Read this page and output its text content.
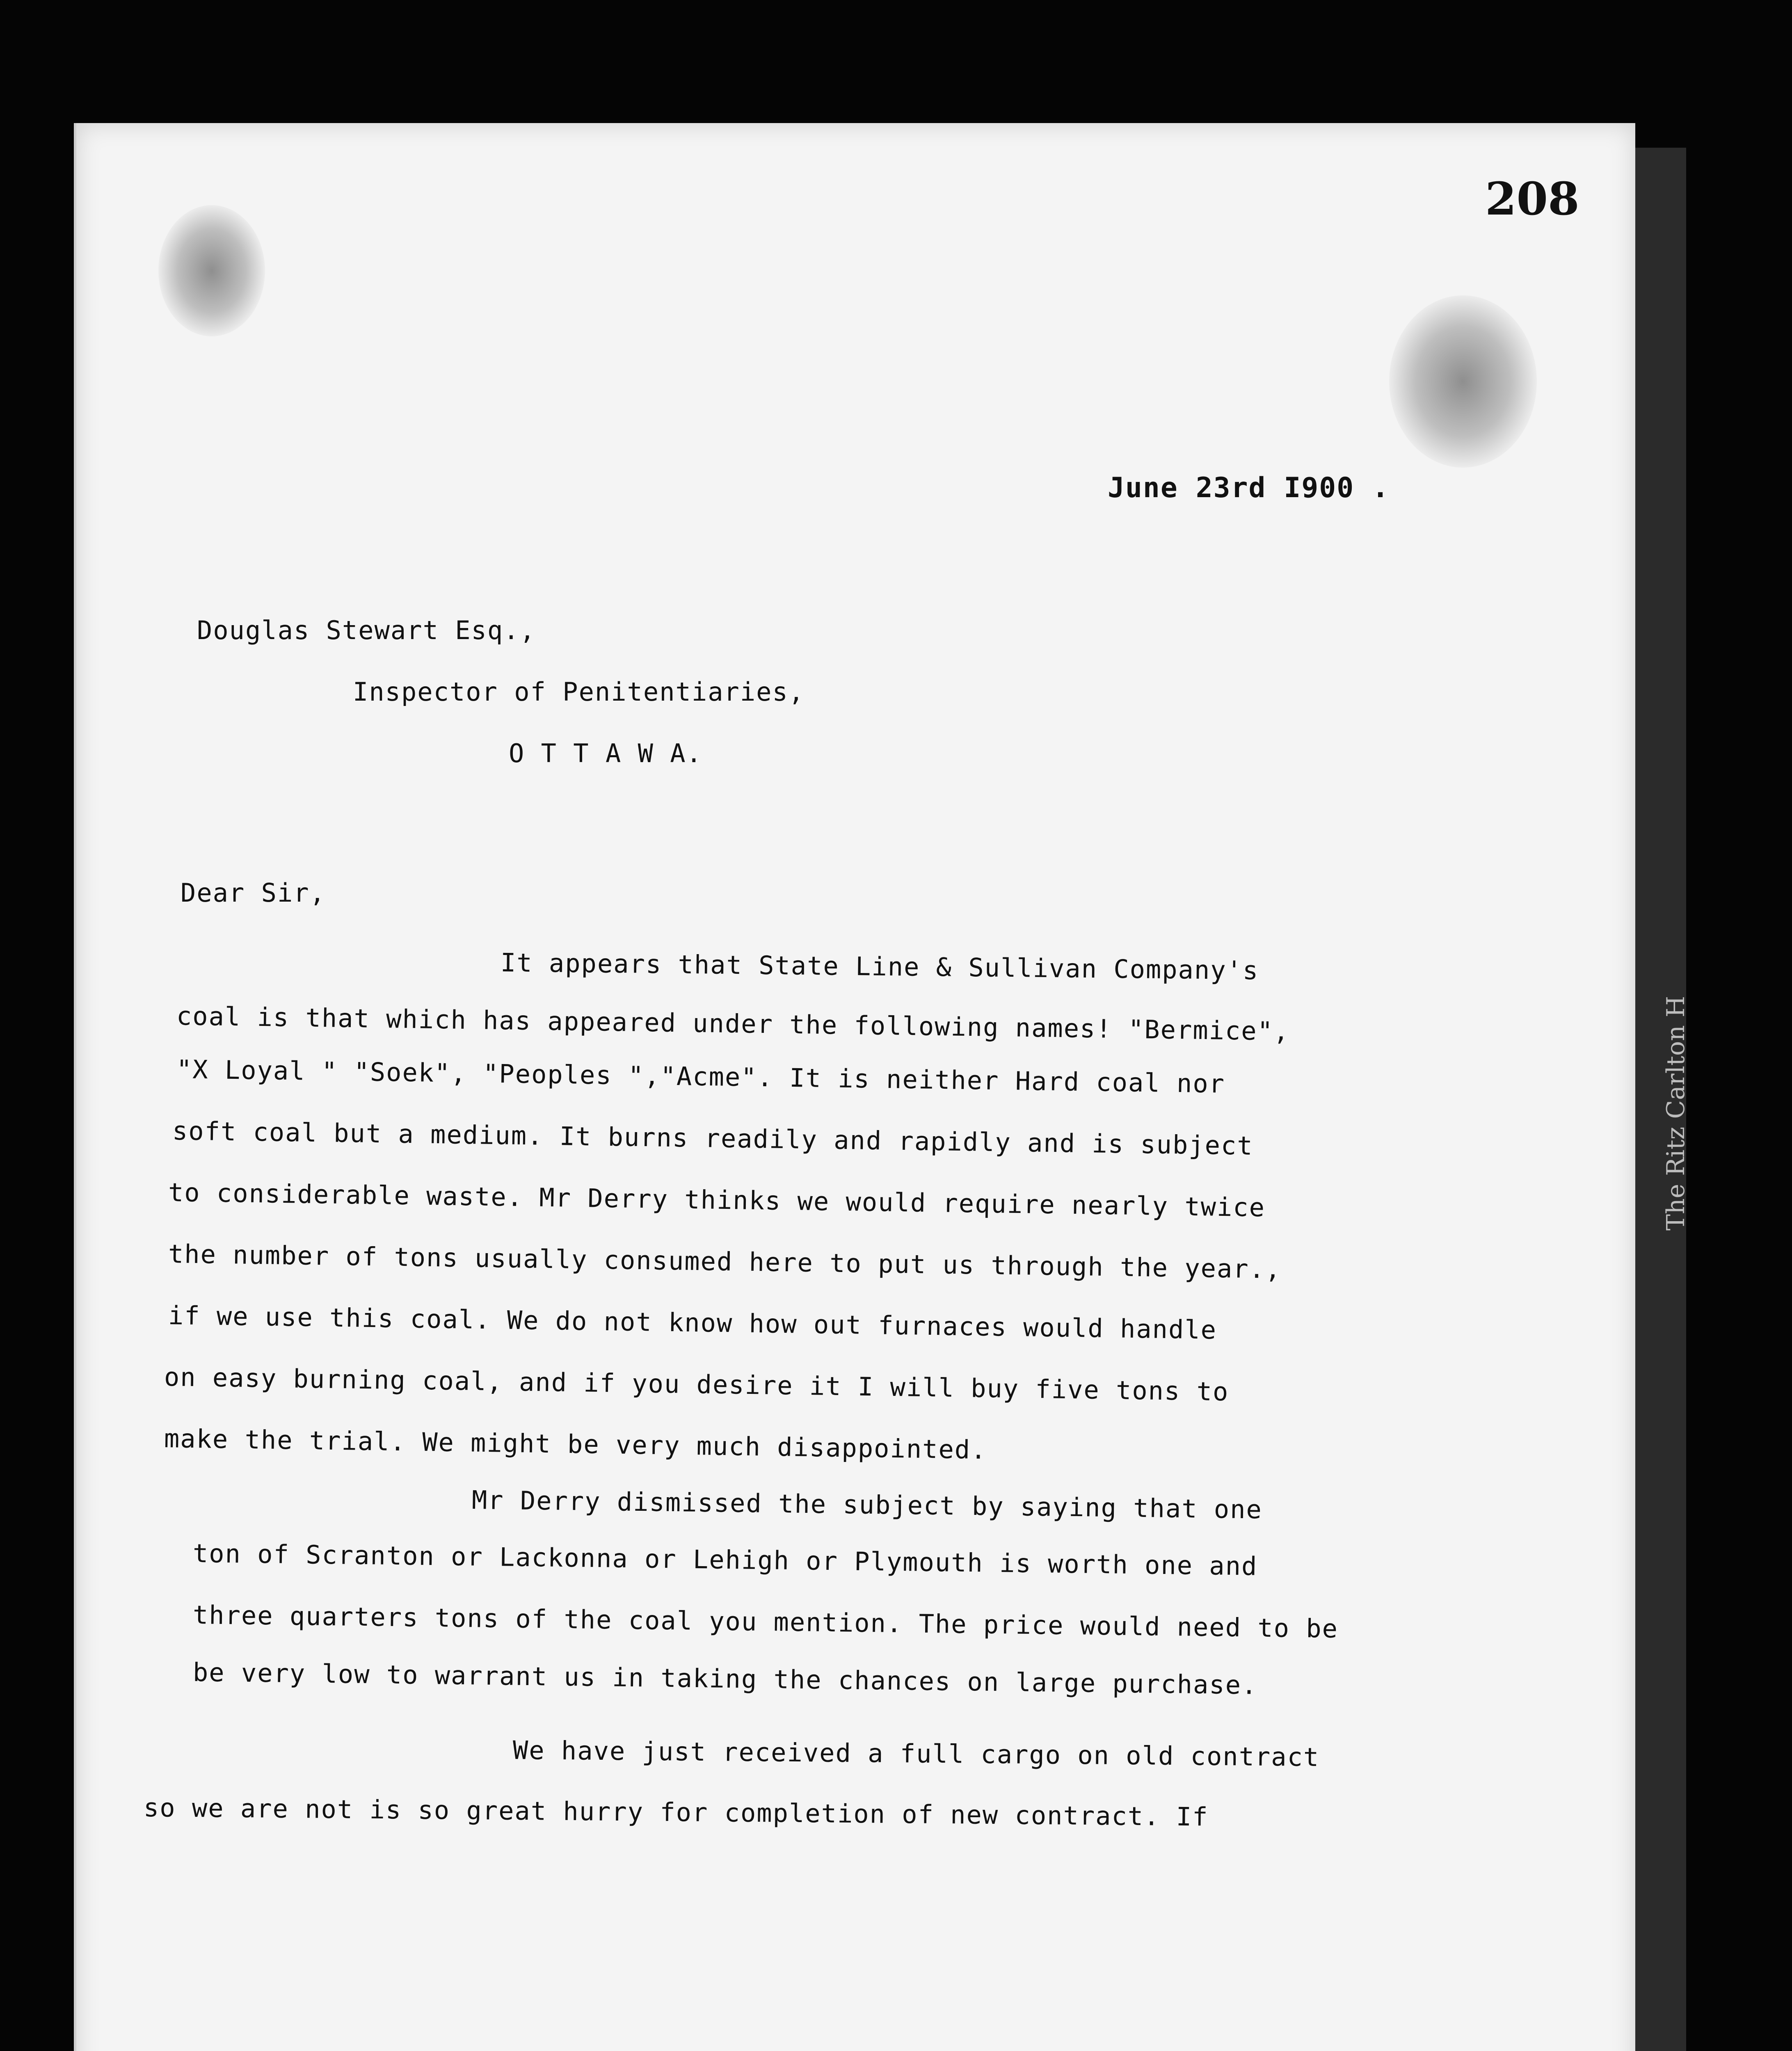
The Ritz Carlton H
208
June 23rd I900 .
Douglas Stewart Esq.,
Inspector of Penitentiaries,
O T T A W A.
Dear Sir,
It appears that State Line & Sullivan Company's
coal is that which has appeared under the following names! "Bermice",
"X Loyal " "Soek", "Peoples ","Acme". It is neither Hard coal nor
soft coal but a medium. It burns readily and rapidly and is subject
to considerable waste. Mr Derry thinks we would require nearly twice
the number of tons usually consumed here to put us through the year.,
if we use this coal. We do not know how out furnaces would handle
on easy burning coal, and if you desire it I will buy five tons to
make the trial. We might be very much disappointed.
Mr Derry dismissed the subject by saying that one
ton of Scranton or Lackonna or Lehigh or Plymouth is worth one and
three quarters tons of the coal you mention. The price would need to be
be very low to warrant us in taking the chances on large purchase.
We have just received a full cargo on old contract
so we are not is so great hurry for completion of new contract. If
